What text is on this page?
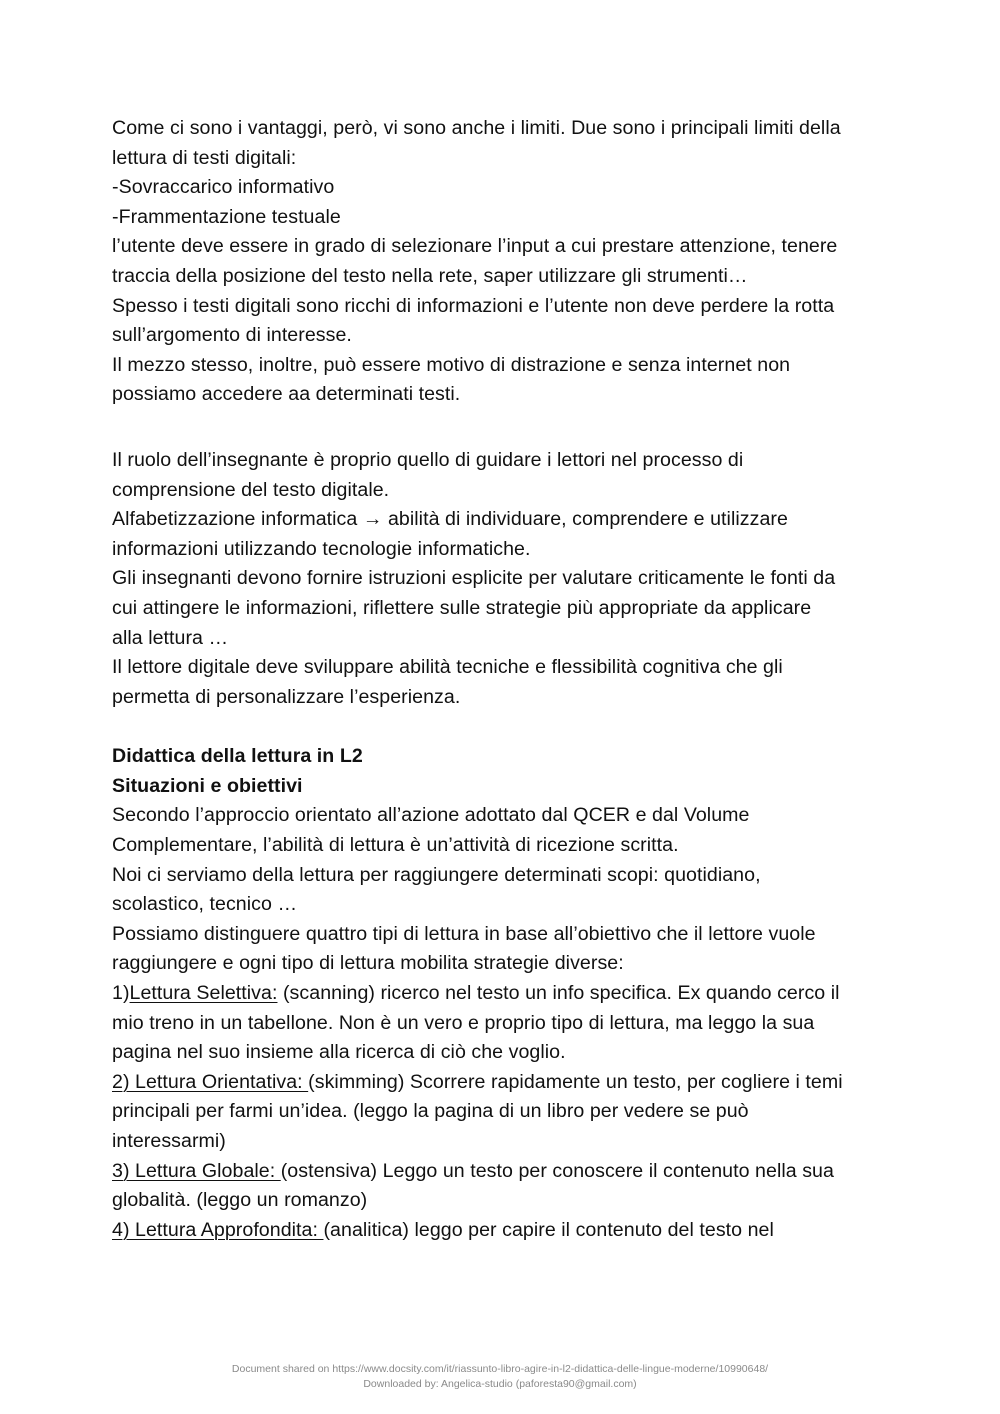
Come ci sono i vantaggi, però, vi sono anche i limiti. Due sono i principali limiti della
lettura di testi digitali:
-Sovraccarico informativo
-Frammentazione testuale
l’utente deve essere in grado di selezionare l’input a cui prestare attenzione, tenere
traccia della posizione del testo nella rete, saper utilizzare gli strumenti…
Spesso i testi digitali sono ricchi di informazioni e l’utente non deve perdere la rotta
sull’argomento di interesse.
Il mezzo stesso, inoltre, può essere motivo di distrazione e senza internet non
possiamo accedere aa determinati testi.
Il ruolo dell’insegnante è proprio quello di guidare i lettori nel processo di
comprensione del testo digitale.
Alfabetizzazione informatica → abilità di individuare, comprendere e utilizzare
informazioni utilizzando tecnologie informatiche.
Gli insegnanti devono fornire istruzioni esplicite per valutare criticamente le fonti da
cui attingere le informazioni, riflettere sulle strategie più appropriate da applicare
alla lettura …
Il lettore digitale deve sviluppare abilità tecniche e flessibilità cognitiva che gli
permetta di personalizzare l’esperienza.
Didattica della lettura in L2
Situazioni e obiettivi
Secondo l’approccio orientato all’azione adottato dal QCER e dal Volume
Complementare, l’abilità di lettura è un’attività di ricezione scritta.
Noi ci serviamo della lettura per raggiungere determinati scopi: quotidiano,
scolastico, tecnico …
Possiamo distinguere quattro tipi di lettura in base all’obiettivo che il lettore vuole
raggiungere e ogni tipo di lettura mobilita strategie diverse:
1)Lettura Selettiva: (scanning) ricerco nel testo un info specifica. Ex quando cerco il
mio treno in un tabellone. Non è un vero e proprio tipo di lettura, ma leggo la sua
pagina nel suo insieme alla ricerca di ciò che voglio.
2) Lettura Orientativa: (skimming) Scorrere rapidamente un testo, per cogliere i temi
principali per farmi un’idea. (leggo la pagina di un libro per vedere se può
interessarmi)
3) Lettura Globale: (ostensiva) Leggo un testo per conoscere il contenuto nella sua
globalità. (leggo un romanzo)
4) Lettura Approfondita: (analitica) leggo per capire il contenuto del testo nel
Document shared on https://www.docsity.com/it/riassunto-libro-agire-in-l2-didattica-delle-lingue-moderne/10990648/
Downloaded by: Angelica-studio (paforesta90@gmail.com)
